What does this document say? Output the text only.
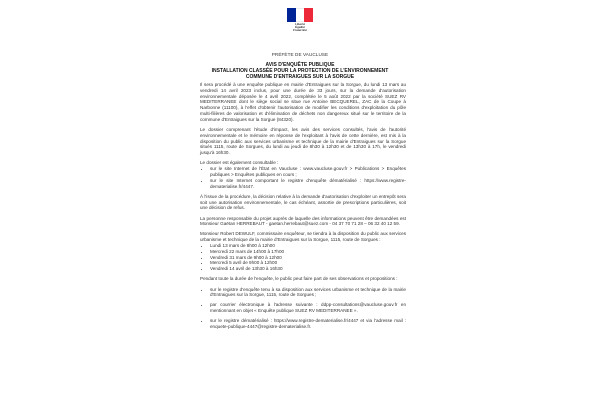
Liberté
Égalité
Fraternité
PRÉFÈTE DE VAUCLUSE
AVIS D'ENQUÊTE PUBLIQUE
INSTALLATION CLASSÉE POUR LA PROTECTION DE L'ENVIRONNEMENT
COMMUNE D'ENTRAIGUES SUR LA SORGUE

Il sera procédé à une enquête publique en mairie d'Entraigues sur la Sorgue, du lundi 13 mars au vendredi 14 avril 2023 inclus, pour une durée de 33 jours, sur la demande d'autorisation environnementale déposée le 4 avril 2022, complétée le 5 août 2022 par la société SUEZ RV MEDITERRANEE dont le siège social se situe rue Antoine BECQUEREL, ZAC de la Coupe à Narbonne (11100), à l'effet d'obtenir l'autorisation de modifier les conditions d'exploitation du pôle multi-filières de valorisation et d'élimination de déchets non dangereux situé sur le territoire de la commune d'Entraigues sur la Sorgue (84320).

Le dossier comprenant l'étude d'impact, les avis des services consultés, l'avis de l'autorité environnementale et le mémoire en réponse de l'exploitant à l'avis de cette dernière, est mis à la disposition du public aux services urbanisme et technique de la mairie d'Entraigues sur la Sorgue situés 1115, route de Sorgues, du lundi au jeudi de 8h30 à 12h30 et de 13h30 à 17h, le vendredi jusqu'à 16h30.

Le dossier est également consultable :

• sur le site Internet de l'État en Vaucluse : www.vaucluse.gouv.fr > Publications > Enquêtes publiques > Enquêtes publiques en cours ;
• sur le site Internet comportant le registre d'enquête dématérialisé : https://www.registre-dematerialise.fr/4447.

À l'issue de la procédure, la décision relative à la demande d'autorisation d'exploiter un entrepôt sera soit une autorisation environnementale, le cas échéant, assortie de prescriptions particulières, soit une décision de refus.

La personne responsable du projet auprès de laquelle des informations peuvent être demandées est Monsieur Gaëtan HERREBAUT - gaetan.herrebaut@suez.com - 04 37 70 71 28 – 06 32 40 12 59.

Monsieur Robert DEWULF, commissaire enquêteur, se tiendra à la disposition du public aux services urbanisme et technique de la mairie d'Entraigues sur la Sorgue, 1115, route de Sorgues :

• Lundi 13 mars de 8h00 à 12h00
• Mercredi 22 mars de 14h00 à 17h00
• Vendredi 31 mars de 9h00 à 12h00
• Mercredi 5 avril de 9h00 à 12h00
• Vendredi 14 avril de 13h30 à 16h30

Pendant toute la durée de l'enquête, le public peut faire part de ses observations et propositions :

• sur le registre d'enquête tenu à sa disposition aux services urbanisme et technique de la mairie d'Entraigues sur la Sorgue, 1115, route de Sorgues ;
• par courrier électronique à l'adresse suivante : ddpp-consultations@vaucluse.gouv.fr en mentionnant en objet « Enquête publique SUEZ RV MEDITERRANEE ».
• sur le registre dématérialisé : https://www.registre-dematerialise.fr/4447 et via l'adresse mail : enquete-publique-4447@registre-dematerialise.fr.
